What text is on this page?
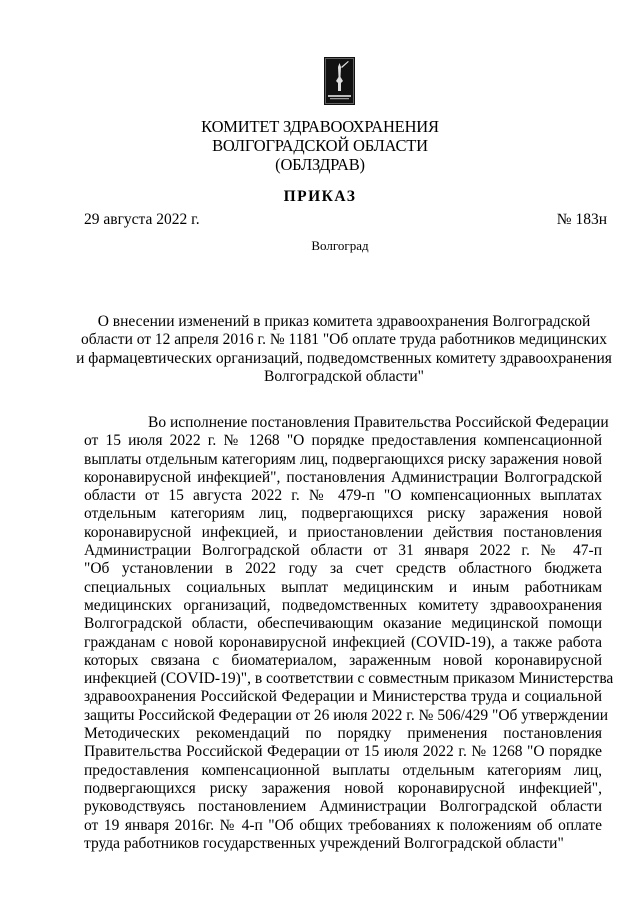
КОМИТЕТ ЗДРАВООХРАНЕНИЯ
ВОЛГОГРАДСКОЙ ОБЛАСТИ
(ОБЛЗДРАВ)
ПРИКАЗ
29 августа 2022 г.	№ 183н
Волгоград
О внесении изменений в приказ комитета здравоохранения Волгоградской
области от 12 апреля 2016 г. № 1181 "Об оплате труда работников медицинских
и фармацевтических организаций, подведомственных комитету здравоохранения
Волгоградской области"
Во исполнение постановления Правительства Российской Федерации
от 15 июля 2022 г. № 1268 "О порядке предоставления компенсационной
выплаты отдельным категориям лиц, подвергающихся риску заражения новой
коронавирусной инфекцией", постановления Администрации Волгоградской
области от 15 августа 2022 г. № 479-п "О компенсационных выплатах
отдельным категориям лиц, подвергающихся риску заражения новой
коронавирусной инфекцией, и приостановлении действия постановления
Администрации Волгоградской области от 31 января 2022 г. № 47-п
"Об установлении в 2022 году за счет средств областного бюджета
специальных социальных выплат медицинским и иным работникам
медицинских организаций, подведомственных комитету здравоохранения
Волгоградской области, обеспечивающим оказание медицинской помощи
гражданам с новой коронавирусной инфекцией (COVID-19), а также работа
которых связана с биоматериалом, зараженным новой коронавирусной
инфекцией (COVID-19)", в соответствии с совместным приказом Министерства
здравоохранения Российской Федерации и Министерства труда и социальной
защиты Российской Федерации от 26 июля 2022 г. № 506/429 "Об утверждении
Методических рекомендаций по порядку применения постановления
Правительства Российской Федерации от 15 июля 2022 г. № 1268 "О порядке
предоставления компенсационной выплаты отдельным категориям лиц,
подвергающихся риску заражения новой коронавирусной инфекцией",
руководствуясь постановлением Администрации Волгоградской области
от 19 января 2016г. № 4-п "Об общих требованиях к положениям об оплате
труда работников государственных учреждений Волгоградской области"
